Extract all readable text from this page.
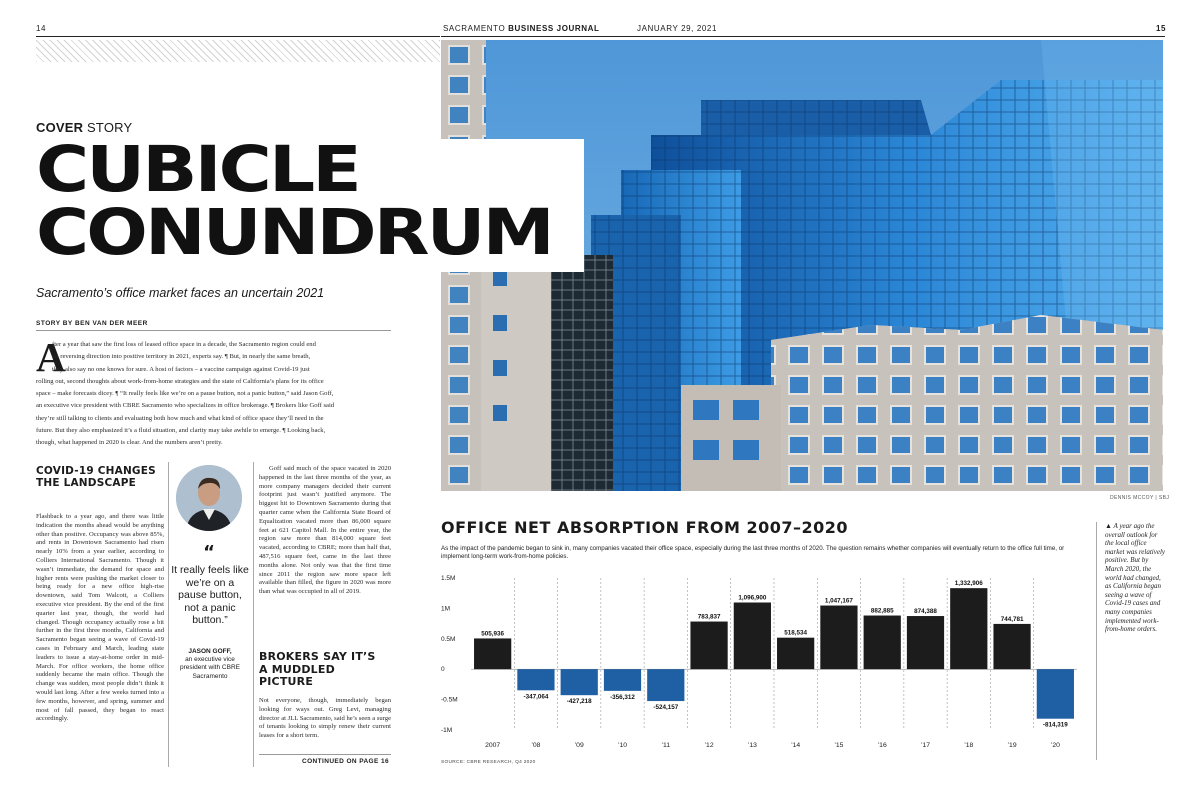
14	SACRAMENTO BUSINESS JOURNAL	JANUARY 29, 2021	15
DENNIS MCCOY | SBJ
COVER STORY
CUBICLE
CONUNDRUM
Sacramento’s office market faces an uncertain 2021
STORY BY BEN VAN DER MEER
A
fter a year that saw the first loss of leased office space in a decade, the Sacramento region could end
up reversing direction into positive territory in 2021, experts say. ¶ But, in nearly the same breath,
they also say no one knows for sure. A host of factors – a vaccine campaign against Covid-19 just
rolling out, second thoughts about work-from-home strategies and the state of California’s plans for its office
space – make forecasts dicey. ¶ “It really feels like we’re on a pause button, not a panic button,” said Jason Goff,
an executive vice president with CBRE Sacramento who specializes in office brokerage. ¶ Brokers like Goff said
they’re still talking to clients and evaluating both how much and what kind of office space they’ll need in the
future. But they also emphasized it’s a fluid situation, and clarity may take awhile to emerge. ¶ Looking back,
though, what happened in 2020 is clear. And the numbers aren’t pretty.
COVID-19 CHANGES THE LANDSCAPE
Flashback to a year ago, and there was little indication the months ahead would be anything other than positive. Occupancy was above 85%, and rents in Downtown Sacramento had risen nearly 10% from a year earlier, according to Colliers International Sacramento. Though it wasn’t immediate, the demand for space and higher rents were pushing the market closer to being ready for a new office high-rise downtown, said Tom Walcott, a Colliers executive vice president. By the end of the first quarter last year, though, the world had changed. Though occupancy actually rose a bit further in the first three months, California and Sacramento began seeing a wave of Covid-19 cases in February and March, leading state leaders to issue a stay-at-home order in mid-March. For office workers, the home office suddenly became the main office. Though the change was sudden, most people didn’t think it would last long. After a few weeks turned into a few months, however, and spring, summer and most of fall passed, they began to react accordingly.
“
It really feels like we’re on a pause button, not a panic button.”
JASON GOFF,
an executive vice president with CBRE Sacramento
Goff said much of the space vacated in 2020 happened in the last three months of the year, as more company managers decided their current footprint just wasn’t justified anymore. The biggest hit to Downtown Sacramento during that quarter came when the California State Board of Equalization vacated more than 86,000 square feet at 621 Capitol Mall. In the entire year, the region saw more than 814,000 square feet vacated, according to CBRE; more than half that, 487,516 square feet, came in the last three months alone. Not only was that the first time since 2011 the region saw more space left available than filled, the figure in 2020 was more than what was occupied in all of 2019.
BROKERS SAY IT’S A MUDDLED PICTURE
Not everyone, though, immediately began looking for ways out. Greg Levi, managing director at JLL Sacramento, said he’s seen a surge of tenants looking to simply renew their current leases for a short term.
CONTINUED ON PAGE 16
OFFICE NET ABSORPTION FROM 2007–2020
As the impact of the pandemic began to sink in, many companies vacated their office space, especially during the last three months of 2020. The question remains whether companies will eventually return to the office full time, or implement long-term work-from-home policies.
1.5M
1M
0.5M
0
-0.5M
-1M
505,936
2007
-347,064
’08
-427,218
’09
-356,312
’10
-524,157
’11
783,837
’12
1,096,900
’13
518,534
’14
1,047,167
’15
882,885
’16
874,388
’17
1,332,906
’18
744,781
’19
-814,319
’20
SOURCE: CBRE RESEARCH, Q4 2020
▲ A year ago the overall outlook for the local office market was relatively positive. But by March 2020, the world had changed, as California began seeing a wave of Covid-19 cases and many companies implemented work-from-home orders.
